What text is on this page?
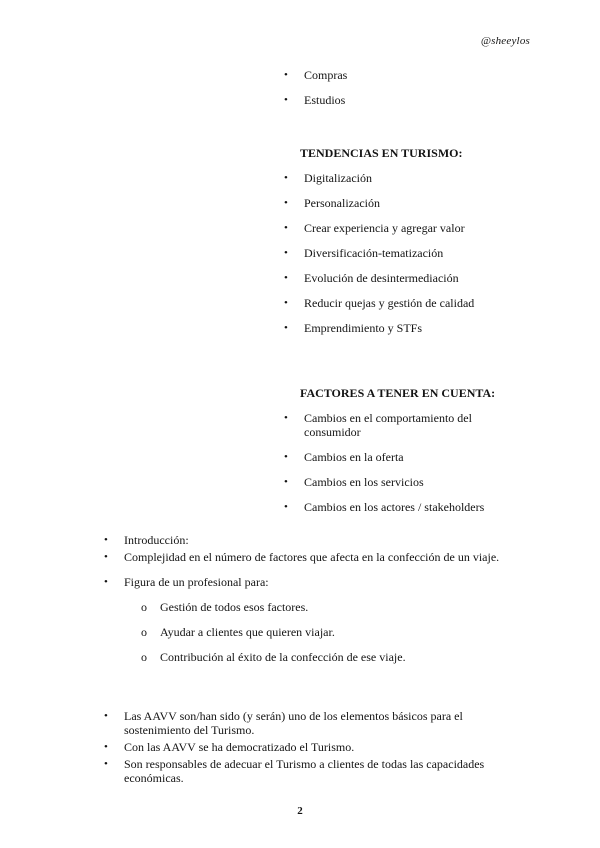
@sheeylos
•	Compras
•	Estudios
TENDENCIAS EN TURISMO:
•	Digitalización
•	Personalización
•	Crear experiencia y agregar valor
•	Diversificación-tematización
•	Evolución de desintermediación
•	Reducir quejas y gestión de calidad
•	Emprendimiento y STFs
FACTORES A TENER EN CUENTA:
•	Cambios en el comportamiento del consumidor
•	Cambios en la oferta
•	Cambios en los servicios
•	Cambios en los actores / stakeholders
•	Introducción:
•	Complejidad en el número de factores que afecta en la confección de un viaje.
•	Figura de un profesional para:
o	Gestión de todos esos factores.
o	Ayudar a clientes que quieren viajar.
o	Contribución al éxito de la confección de ese viaje.
•	Las AAVV son/han sido (y serán) uno de los elementos básicos para el sostenimiento del Turismo.
•	Con las AAVV se ha democratizado el Turismo.
•	Son responsables de adecuar el Turismo a clientes de todas las capacidades económicas.
2
